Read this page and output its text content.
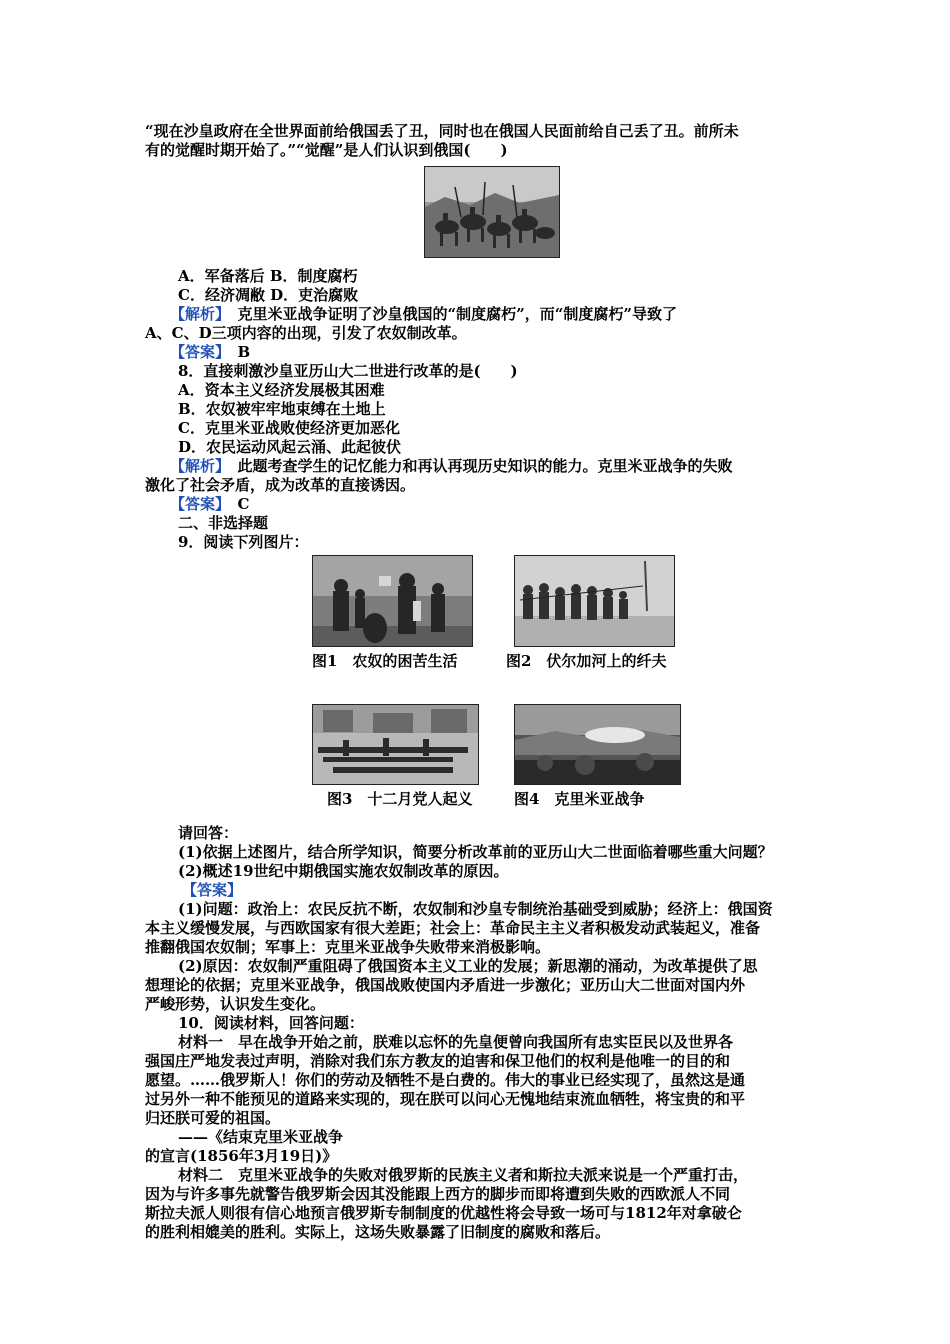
“现在沙皇政府在全世界面前给俄国丢了丑，同时也在俄国人民面前给自己丢了丑。前所未
有的觉醒时期开始了。”“觉醒”是人们认识到俄国(　　)
A．军备落后 B．制度腐朽
C．经济凋敝 D．吏治腐败
【解析】　克里米亚战争证明了沙皇俄国的“制度腐朽”，而“制度腐朽”导致了
A、C、D三项内容的出现，引发了农奴制改革。
【答案】　B
8．直接刺激沙皇亚历山大二世进行改革的是(　　)
A．资本主义经济发展极其困难
B．农奴被牢牢地束缚在土地上
C．克里米亚战败使经济更加恶化
D．农民运动风起云涌、此起彼伏
【解析】　此题考查学生的记忆能力和再认再现历史知识的能力。克里米亚战争的失败
激化了社会矛盾，成为改革的直接诱因。
【答案】　C
二、非选择题
9．阅读下列图片：
图1　农奴的困苦生活	图2　伏尔加河上的纤夫
图3　十二月党人起义	图4　克里米亚战争
请回答：
(1)依据上述图片，结合所学知识，简要分析改革前的亚历山大二世面临着哪些重大问题？
(2)概述19世纪中期俄国实施农奴制改革的原因。
【答案】
(1)问题：政治上：农民反抗不断，农奴制和沙皇专制统治基础受到威胁；经济上：俄国资
本主义缓慢发展，与西欧国家有很大差距；社会上：革命民主主义者积极发动武装起义，准备
推翻俄国农奴制；军事上：克里米亚战争失败带来消极影响。
(2)原因：农奴制严重阻碍了俄国资本主义工业的发展；新思潮的涌动，为改革提供了思
想理论的依据；克里米亚战争，俄国战败使国内矛盾进一步激化；亚历山大二世面对国内外
严峻形势，认识发生变化。
10．阅读材料，回答问题：
材料一　早在战争开始之前，朕难以忘怀的先皇便曾向我国所有忠实臣民以及世界各
强国庄严地发表过声明，消除对我们东方教友的迫害和保卫他们的权利是他唯一的目的和
愿望。……俄罗斯人！你们的劳动及牺牲不是白费的。伟大的事业已经实现了，虽然这是通
过另外一种不能预见的道路来实现的，现在朕可以问心无愧地结束流血牺牲，将宝贵的和平
归还朕可爱的祖国。
——《结束克里米亚战争
的宣言(1856年3月19日)》
材料二　克里米亚战争的失败对俄罗斯的民族主义者和斯拉夫派来说是一个严重打击，
因为与许多事先就警告俄罗斯会因其没能跟上西方的脚步而即将遭到失败的西欧派人不同
斯拉夫派人则很有信心地预言俄罗斯专制制度的优越性将会导致一场可与1812年对拿破仑
的胜利相媲美的胜利。实际上，这场失败暴露了旧制度的腐败和落后。
